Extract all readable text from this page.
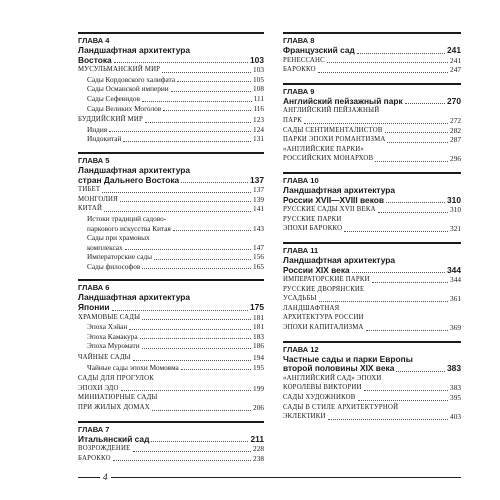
ГЛАВА 4
Ландшафтная архитектура
Востока	103
МУСУЛЬМАНСКИЙ МИР	103
Сады Кордовского халифата	105
Сады Османской империи	108
Сады Сефевидов	111
Сады Великих Моголов	116
БУДДИЙСКИЙ МИР	123
Индия	124
Индокитай	131
ГЛАВА 5
Ландшафтная архитектура
стран Дальнего Востока	137
ТИБЕТ	137
МОНГОЛИЯ	139
КИТАЙ	141
Истоки традиций садово-
паркового искусства Китая	143
Сады при храмовых
комплексах	147
Императорские сады	156
Сады философов	165
ГЛАВА 6
Ландшафтная архитектура
Японии	175
ХРАМОВЫЕ САДЫ	181
Эпоха Хэйан	181
Эпоха Камакура	183
Эпоха Муромати	186
ЧАЙНЫЕ САДЫ	194
Чайные сады эпохи Момояма	195
САДЫ ДЛЯ ПРОГУЛОК
ЭПОХИ ЭДО	199
МИНИАТЮРНЫЕ САДЫ
ПРИ ЖИЛЫХ ДОМАХ	206
ГЛАВА 7
Итальянский сад	211
ВОЗРОЖДЕНИЕ	228
БАРОККО	238
ГЛАВА 8
Французский сад	241
РЕНЕССАНС	241
БАРОККО	247
ГЛАВА 9
Английский пейзажный парк	270
АНГЛИЙСКИЙ ПЕЙЗАЖНЫЙ
ПАРК	272
САДЫ СЕНТИМЕНТАЛИСТОВ	282
ПАРКИ ЭПОХИ РОМАНТИЗМА	287
«АНГЛИЙСКИЕ ПАРКИ»
РОССИЙСКИХ МОНАРХОВ	296
ГЛАВА 10
Ландшафтная архитектура
России XVII—XVIII веков	310
РУССКИЕ САДЫ XVII ВЕКА	310
РУССКИЕ ПАРКИ
ЭПОХИ БАРОККО	321
ГЛАВА 11
Ландшафтная архитектура
России XIX века	344
ИМПЕРАТОРСКИЕ ПАРКИ	344
РУССКИЕ ДВОРЯНСКИЕ
УСАДЬБЫ	361
ЛАНДШАФТНАЯ
АРХИТЕКТУРА РОССИИ
ЭПОХИ КАПИТАЛИЗМА	369
ГЛАВА 12
Частные сады и парки Европы
второй половины XIX века	383
«АНГЛИЙСКИЙ САД» ЭПОХИ
КОРОЛЕВЫ ВИКТОРИИ	383
САДЫ ХУДОЖНИКОВ	395
САДЫ В СТИЛЕ АРХИТЕКТУРНОЙ
ЭКЛЕКТИКИ	403
4
